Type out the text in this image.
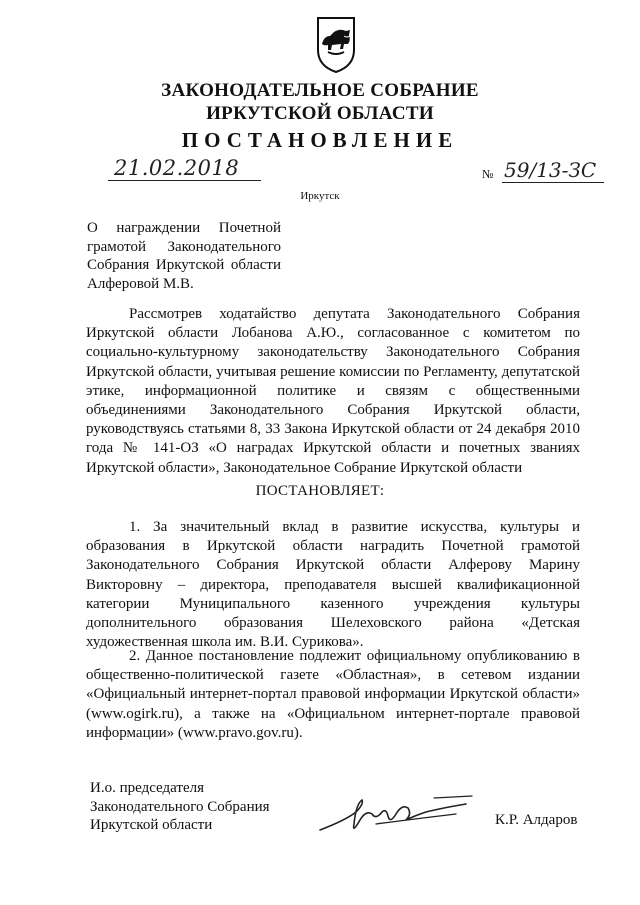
ЗАКОНОДАТЕЛЬНОЕ СОБРАНИЕ
ИРКУТСКОЙ ОБЛАСТИ
ПОСТАНОВЛЕНИЕ
21.02.2018	№ 59/13-ЗС
Иркутск
О награждении Почетной грамотой Законодательного Собрания Иркутской области Алферовой М.В.

Рассмотрев ходатайство депутата Законодательного Собрания Иркутской области Лобанова А.Ю., согласованное с комитетом по социально-культурному законодательству Законодательного Собрания Иркутской области, учитывая решение комиссии по Регламенту, депутатской этике, информационной политике и связям с общественными объединениями Законодательного Собрания Иркутской области, руководствуясь статьями 8, 33 Закона Иркутской области от 24 декабря 2010 года № 141-ОЗ «О наградах Иркутской области и почетных званиях Иркутской области», Законодательное Собрание Иркутской области

ПОСТАНОВЛЯЕТ:

1. За значительный вклад в развитие искусства, культуры и образования в Иркутской области наградить Почетной грамотой Законодательного Собрания Иркутской области Алферову Марину Викторовну – директора, преподавателя высшей квалификационной категории Муниципального казенного учреждения культуры дополнительного образования Шелеховского района «Детская художественная школа им. В.И. Сурикова».

2. Данное постановление подлежит официальному опубликованию в общественно-политической газете «Областная», в сетевом издании «Официальный интернет-портал правовой информации Иркутской области» (www.ogirk.ru), а также на «Официальном интернет-портале правовой информации» (www.pravo.gov.ru).

И.о. председателя
Законодательного Собрания
Иркутской области	К.Р. Алдаров
